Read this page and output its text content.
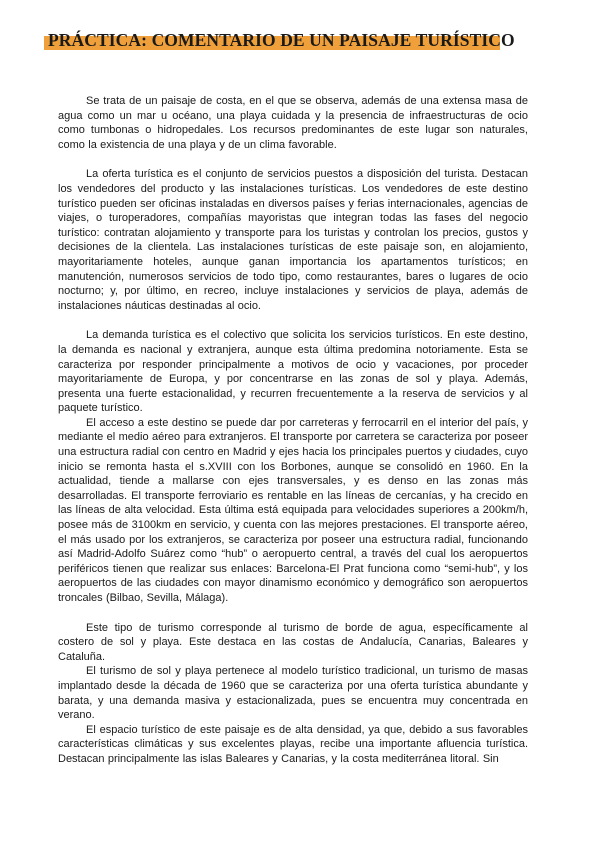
PRÁCTICA: COMENTARIO DE UN PAISAJE TURÍSTICO

Se trata de un paisaje de costa, en el que se observa, además de una extensa masa de agua como un mar u océano, una playa cuidada y la presencia de infraestructuras de ocio como tumbonas o hidropedales. Los recursos predominantes de este lugar son naturales, como la existencia de una playa y de un clima favorable.

La oferta turística es el conjunto de servicios puestos a disposición del turista. Destacan los vendedores del producto y las instalaciones turísticas. Los vendedores de este destino turístico pueden ser oficinas instaladas en diversos países y ferias internacionales, agencias de viajes, o turoperadores, compañías mayoristas que integran todas las fases del negocio turístico: contratan alojamiento y transporte para los turistas y controlan los precios, gustos y decisiones de la clientela. Las instalaciones turísticas de este paisaje son, en alojamiento, mayoritariamente hoteles, aunque ganan importancia los apartamentos turísticos; en manutención, numerosos servicios de todo tipo, como restaurantes, bares o lugares de ocio nocturno; y, por último, en recreo, incluye instalaciones y servicios de playa, además de instalaciones náuticas destinadas al ocio.

La demanda turística es el colectivo que solicita los servicios turísticos. En este destino, la demanda es nacional y extranjera, aunque esta última predomina notoriamente. Esta se caracteriza por responder principalmente a motivos de ocio y vacaciones, por proceder mayoritariamente de Europa, y por concentrarse en las zonas de sol y playa. Además, presenta una fuerte estacionalidad, y recurren frecuentemente a la reserva de servicios y al paquete turístico.

El acceso a este destino se puede dar por carreteras y ferrocarril en el interior del país, y mediante el medio aéreo para extranjeros. El transporte por carretera se caracteriza por poseer una estructura radial con centro en Madrid y ejes hacia los principales puertos y ciudades, cuyo inicio se remonta hasta el s.XVIII con los Borbones, aunque se consolidó en 1960. En la actualidad, tiende a mallarse con ejes transversales, y es denso en las zonas más desarrolladas. El transporte ferroviario es rentable en las líneas de cercanías, y ha crecido en las líneas de alta velocidad. Esta última está equipada para velocidades superiores a 200km/h, posee más de 3100km en servicio, y cuenta con las mejores prestaciones. El transporte aéreo, el más usado por los extranjeros, se caracteriza por poseer una estructura radial, funcionando así Madrid-Adolfo Suárez como “hub” o aeropuerto central, a través del cual los aeropuertos periféricos tienen que realizar sus enlaces: Barcelona-El Prat funciona como “semi-hub”, y los aeropuertos de las ciudades con mayor dinamismo económico y demográfico son aeropuertos troncales (Bilbao, Sevilla, Málaga).

Este tipo de turismo corresponde al turismo de borde de agua, específicamente al costero de sol y playa. Este destaca en las costas de Andalucía, Canarias, Baleares y Cataluña.

El turismo de sol y playa pertenece al modelo turístico tradicional, un turismo de masas implantado desde la década de 1960 que se caracteriza por una oferta turística abundante y barata, y una demanda masiva y estacionalizada, pues se encuentra muy concentrada en verano.

El espacio turístico de este paisaje es de alta densidad, ya que, debido a sus favorables características climáticas y sus excelentes playas, recibe una importante afluencia turística. Destacan principalmente las islas Baleares y Canarias, y la costa mediterránea litoral. Sin
